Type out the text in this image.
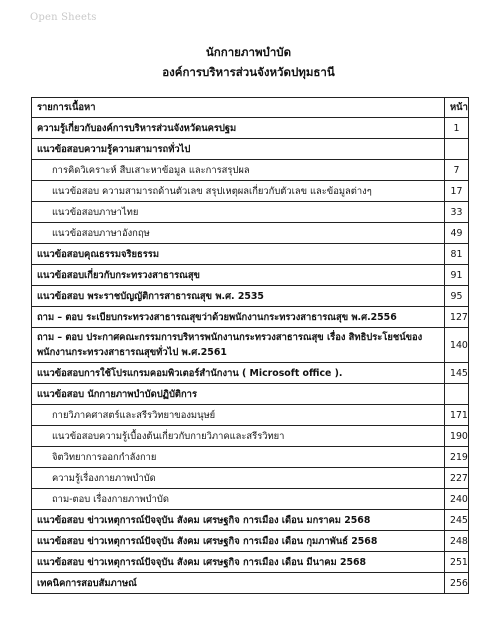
Open Sheets
นักกายภาพบำบัด
องค์การบริหารส่วนจังหวัดปทุมธานี
รายการเนื้อหา	หน้า
ความรู้เกี่ยวกับองค์การบริหารส่วนจังหวัดนครปฐม	1
แนวข้อสอบความรู้ความสามารถทั่วไป	
การคิดวิเคราะห์ สืบเสาะหาข้อมูล และการสรุปผล	7
แนวข้อสอบ ความสามารถด้านตัวเลข สรุปเหตุผลเกี่ยวกับตัวเลข และข้อมูลต่างๆ	17
แนวข้อสอบภาษาไทย	33
แนวข้อสอบภาษาอังกฤษ	49
แนวข้อสอบคุณธรรมจริยธรรม	81
แนวข้อสอบเกี่ยวกับกระทรวงสาธารณสุข	91
แนวข้อสอบ พระราชบัญญัติการสาธารณสุข พ.ศ. 2535	95
ถาม – ตอบ ระเบียบกระทรวงสาธารณสุขว่าด้วยพนักงานกระทรวงสาธารณสุข พ.ศ.2556	127
ถาม – ตอบ ประกาศคณะกรรมการบริหารพนักงานกระทรวงสาธารณสุข เรื่อง สิทธิประโยชน์ของพนักงานกระทรวงสาธารณสุขทั่วไป พ.ศ.2561	140
แนวข้อสอบการใช้โปรแกรมคอมพิวเตอร์สำนักงาน ( Microsoft office ).	145
แนวข้อสอบ นักกายภาพบำบัดปฏิบัติการ	
กายวิภาคศาสตร์และสรีรวิทยาของมนุษย์	171
แนวข้อสอบความรู้เบื้องต้นเกี่ยวกับกายวิภาคและสรีรวิทยา	190
จิตวิทยาการออกกำลังกาย	219
ความรู้เรื่องกายภาพบำบัด	227
ถาม-ตอบ เรื่องกายภาพบำบัด	240
แนวข้อสอบ ข่าวเหตุการณ์ปัจจุบัน สังคม เศรษฐกิจ การเมือง เดือน มกราคม 2568	245
แนวข้อสอบ ข่าวเหตุการณ์ปัจจุบัน สังคม เศรษฐกิจ การเมือง เดือน กุมภาพันธ์ 2568	248
แนวข้อสอบ ข่าวเหตุการณ์ปัจจุบัน สังคม เศรษฐกิจ การเมือง เดือน มีนาคม 2568	251
เทคนิคการสอบสัมภาษณ์	256
